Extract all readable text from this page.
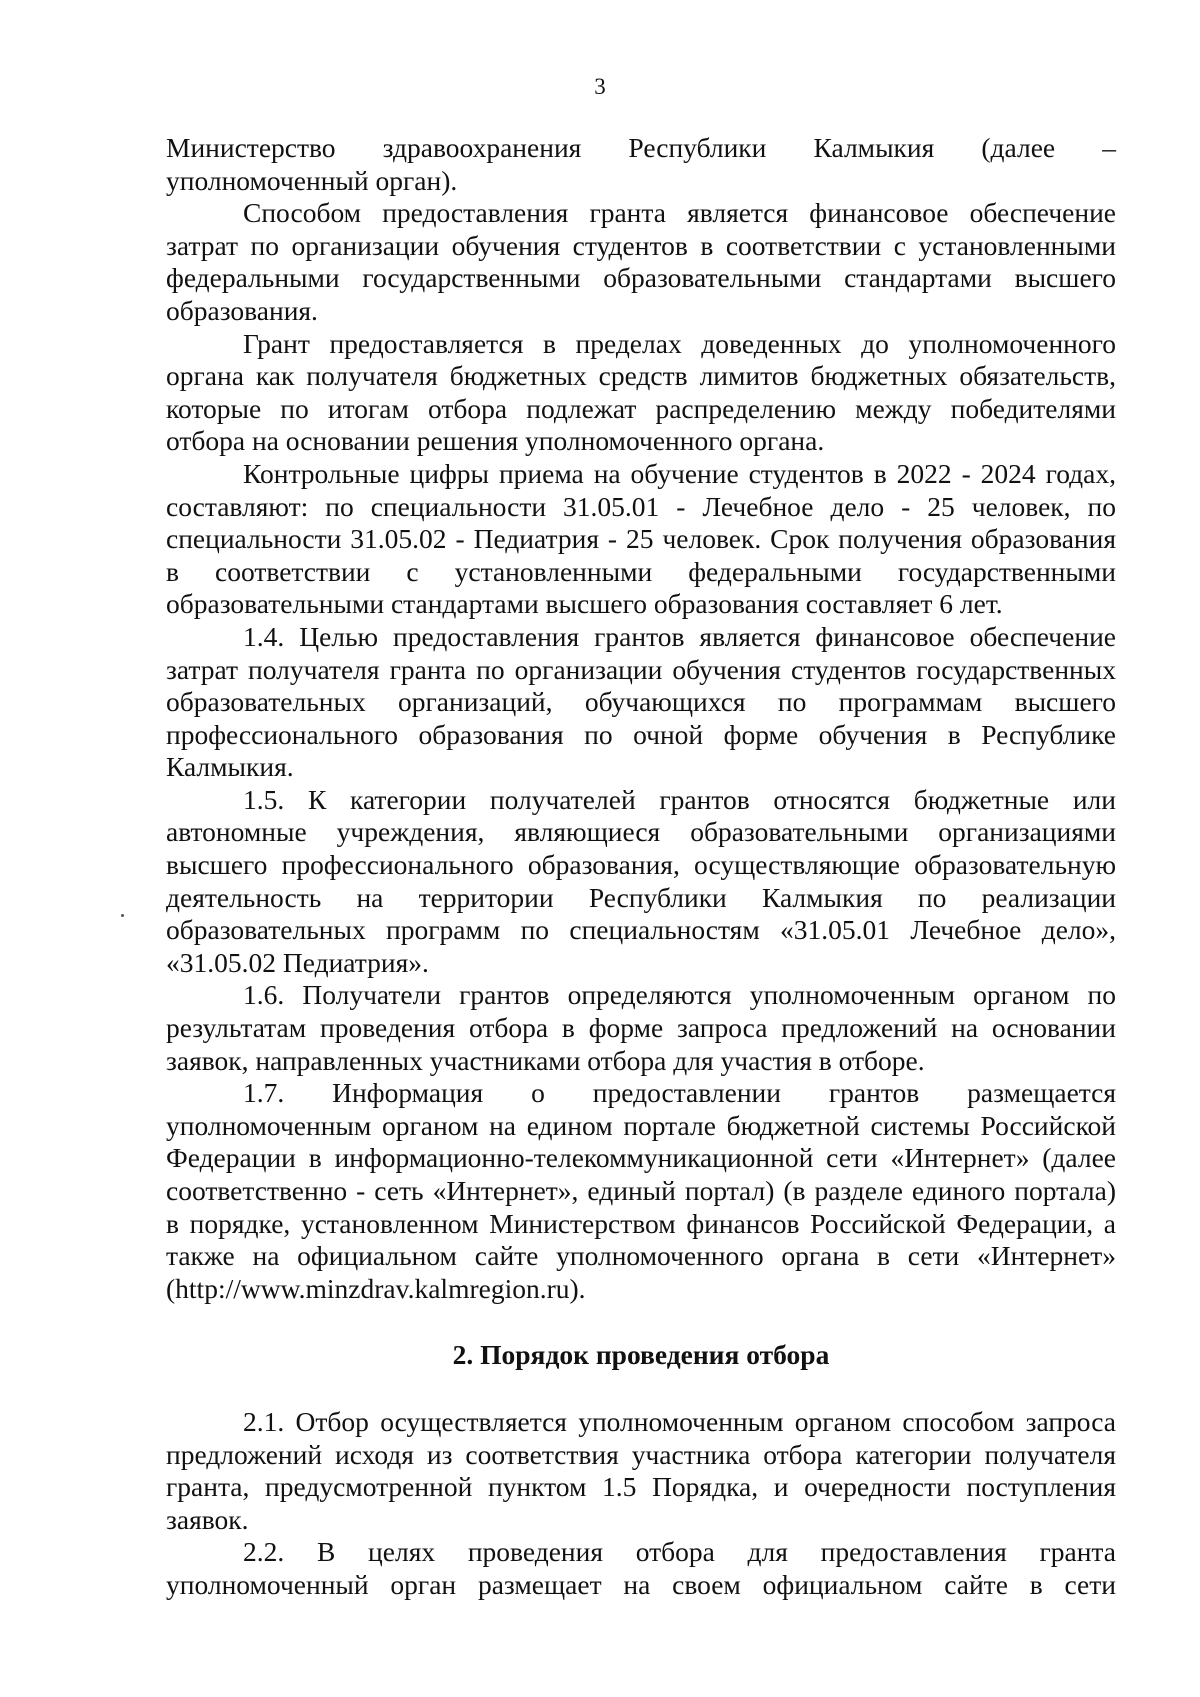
3

Министерство здравоохранения Республики Калмыкия (далее – уполномоченный орган).

Способом предоставления гранта является финансовое обеспечение затрат по организации обучения студентов в соответствии с установленными федеральными государственными образовательными стандартами высшего образования.

Грант предоставляется в пределах доведенных до уполномоченного органа как получателя бюджетных средств лимитов бюджетных обязательств, которые по итогам отбора подлежат распределению между победителями отбора на основании решения уполномоченного органа.

Контрольные цифры приема на обучение студентов в 2022 - 2024 годах, составляют: по специальности 31.05.01 - Лечебное дело - 25 человек, по специальности 31.05.02 - Педиатрия - 25 человек. Срок получения образования в соответствии с установленными федеральными государственными образовательными стандартами высшего образования составляет 6 лет.

1.4. Целью предоставления грантов является финансовое обеспечение затрат получателя гранта по организации обучения студентов государственных образовательных организаций, обучающихся по программам высшего профессионального образования по очной форме обучения в Республике Калмыкия.

1.5. К категории получателей грантов относятся бюджетные или автономные учреждения, являющиеся образовательными организациями высшего профессионального образования, осуществляющие образовательную деятельность на территории Республики Калмыкия по реализации образовательных программ по специальностям «31.05.01 Лечебное дело», «31.05.02 Педиатрия».

1.6. Получатели грантов определяются уполномоченным органом по результатам проведения отбора в форме запроса предложений на основании заявок, направленных участниками отбора для участия в отборе.

1.7. Информация о предоставлении грантов размещается уполномоченным органом на едином портале бюджетной системы Российской Федерации в информационно-телекоммуникационной сети «Интернет» (далее соответственно - сеть «Интернет», единый портал) (в разделе единого портала) в порядке, установленном Министерством финансов Российской Федерации, а также на официальном сайте уполномоченного органа в сети «Интернет» (http://www.minzdrav.kalmregion.ru).

2. Порядок проведения отбора

2.1. Отбор осуществляется уполномоченным органом способом запроса предложений исходя из соответствия участника отбора категории получателя гранта, предусмотренной пунктом 1.5 Порядка, и очередности поступления заявок.

2.2. В целях проведения отбора для предоставления гранта уполномоченный орган размещает на своем официальном сайте в сети
